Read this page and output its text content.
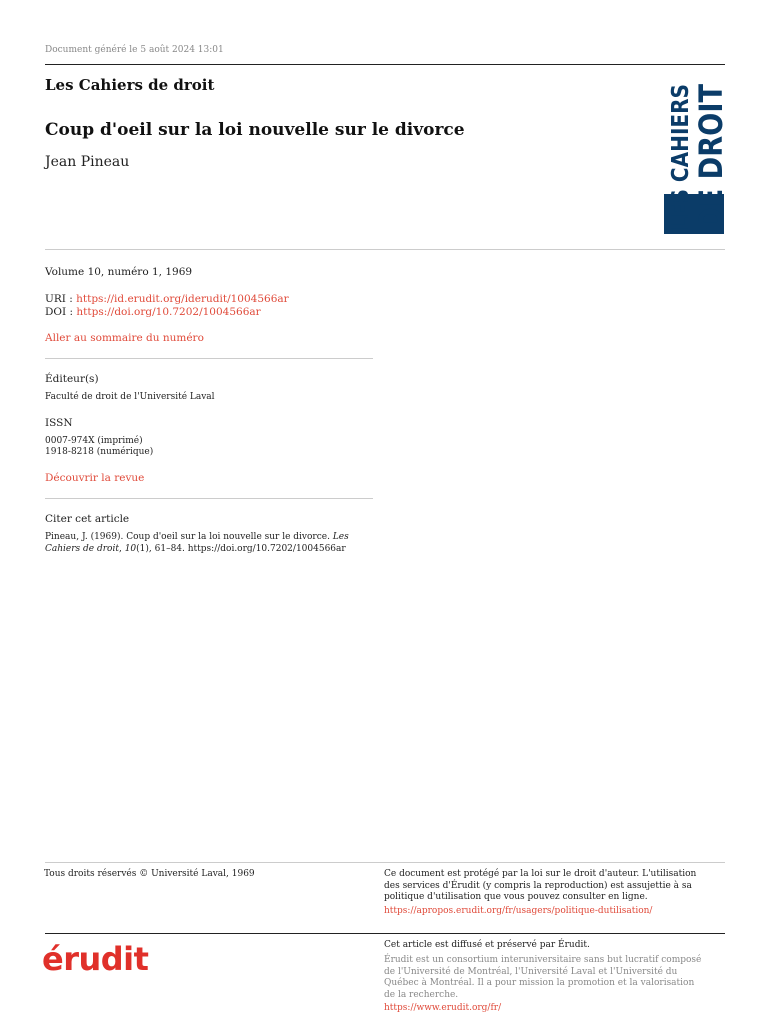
Document généré le 5 août 2024 13:01
Les Cahiers de droit
Coup d'oeil sur la loi nouvelle sur le divorce
Jean Pineau	LES CAHIERS
DE DROIT
Volume 10, numéro 1, 1969
URI : https://id.erudit.org/iderudit/1004566ar
DOI : https://doi.org/10.7202/1004566ar
Aller au sommaire du numéro
Éditeur(s)
Faculté de droit de l'Université Laval
ISSN
0007-974X (imprimé)
1918-8218 (numérique)
Découvrir la revue
Citer cet article
Pineau, J. (1969). Coup d'oeil sur la loi nouvelle sur le divorce. Les Cahiers de droit, 10(1), 61–84. https://doi.org/10.7202/1004566ar
Tous droits réservés © Université Laval, 1969	Ce document est protégé par la loi sur le droit d'auteur. L'utilisation des services d'Érudit (y compris la reproduction) est assujettie à sa politique d'utilisation que vous pouvez consulter en ligne.
https://apropos.erudit.org/fr/usagers/politique-dutilisation/
érudit	Cet article est diffusé et préservé par Érudit.
Érudit est un consortium interuniversitaire sans but lucratif composé de l'Université de Montréal, l'Université Laval et l'Université du Québec à Montréal. Il a pour mission la promotion et la valorisation de la recherche.
https://www.erudit.org/fr/
